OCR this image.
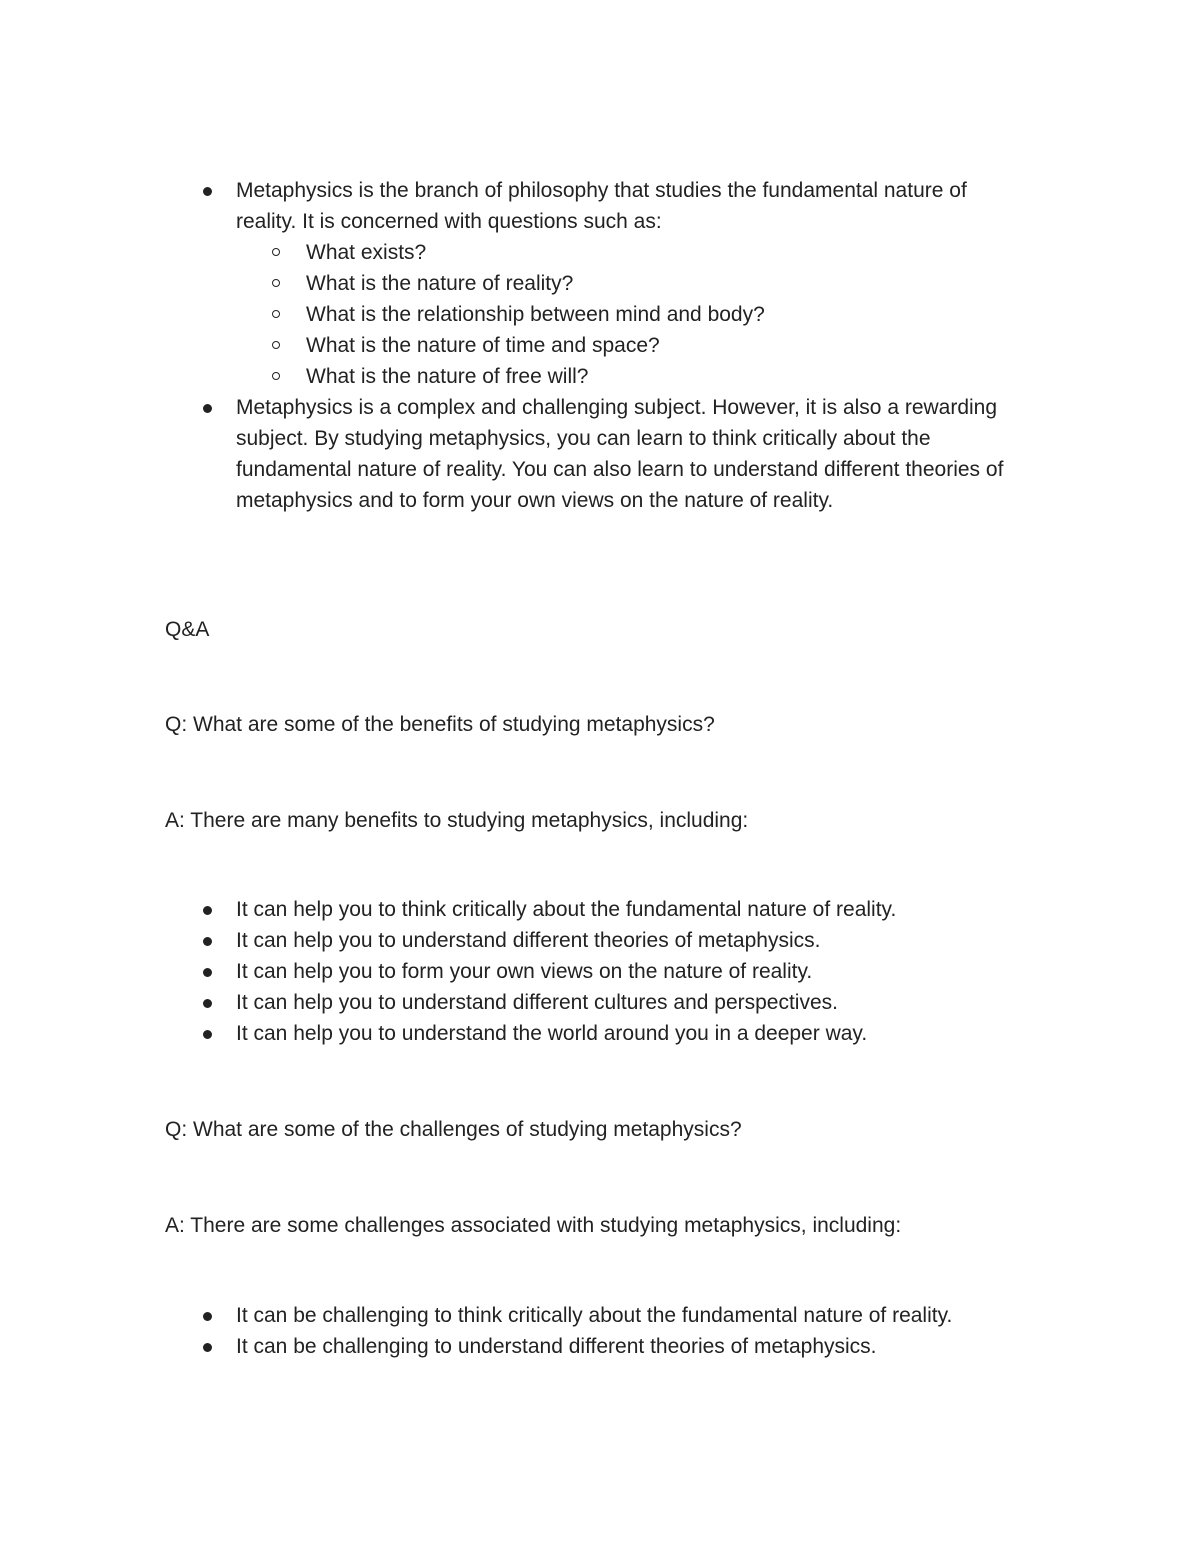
Metaphysics is the branch of philosophy that studies the fundamental nature of reality. It is concerned with questions such as:
What exists?
What is the nature of reality?
What is the relationship between mind and body?
What is the nature of time and space?
What is the nature of free will?
Metaphysics is a complex and challenging subject. However, it is also a rewarding subject. By studying metaphysics, you can learn to think critically about the fundamental nature of reality. You can also learn to understand different theories of metaphysics and to form your own views on the nature of reality.

Q&A

Q: What are some of the benefits of studying metaphysics?

A: There are many benefits to studying metaphysics, including:

It can help you to think critically about the fundamental nature of reality.
It can help you to understand different theories of metaphysics.
It can help you to form your own views on the nature of reality.
It can help you to understand different cultures and perspectives.
It can help you to understand the world around you in a deeper way.

Q: What are some of the challenges of studying metaphysics?

A: There are some challenges associated with studying metaphysics, including:

It can be challenging to think critically about the fundamental nature of reality.
It can be challenging to understand different theories of metaphysics.
